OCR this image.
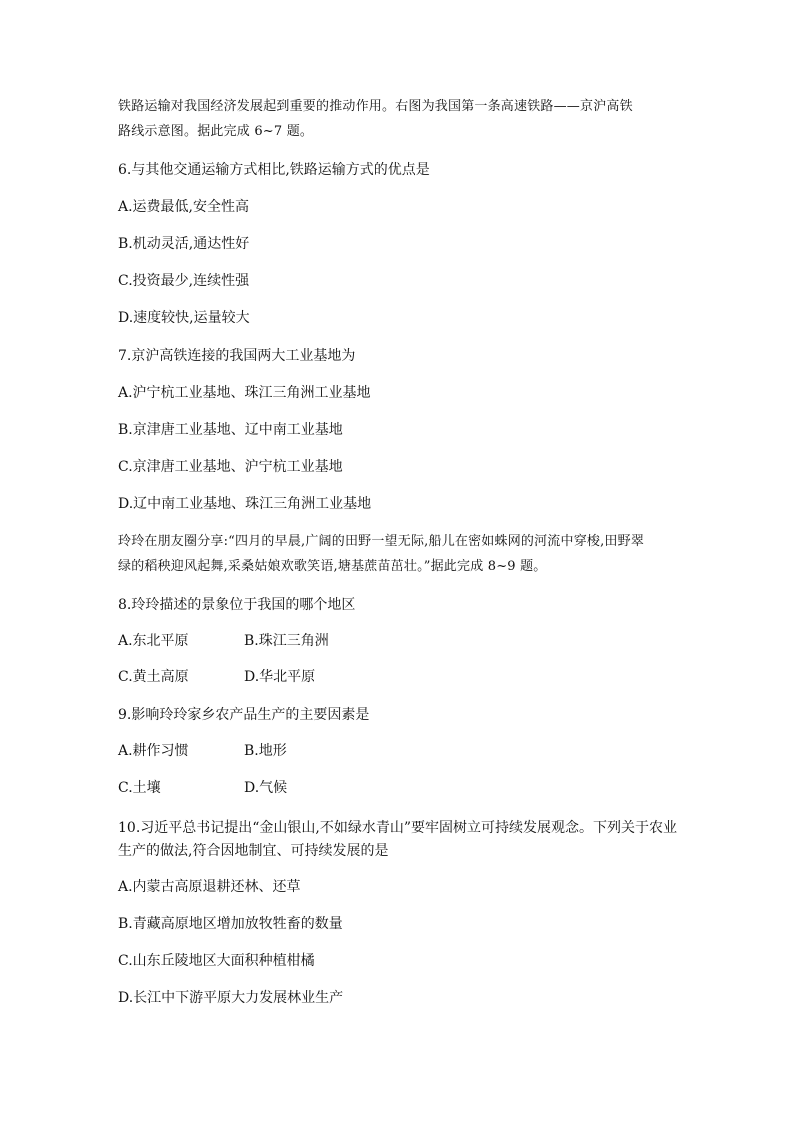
铁路运输对我国经济发展起到重要的推动作用。右图为我国第一条高速铁路——京沪高铁
路线示意图。据此完成 6~7 题。
6.与其他交通运输方式相比,铁路运输方式的优点是
A.运费最低,安全性高
B.机动灵活,通达性好
C.投资最少,连续性强
D.速度较快,运量较大
7.京沪高铁连接的我国两大工业基地为
A.沪宁杭工业基地、珠江三角洲工业基地
B.京津唐工业基地、辽中南工业基地
C.京津唐工业基地、沪宁杭工业基地
D.辽中南工业基地、珠江三角洲工业基地
玲玲在朋友圈分享:“四月的早晨,广阔的田野一望无际,船儿在密如蛛网的河流中穿梭,田野翠
绿的稻秧迎风起舞,采桑姑娘欢歌笑语,塘基蔗苗茁壮。”据此完成 8~9 题。
8.玲玲描述的景象位于我国的哪个地区
A.东北平原	B.珠江三角洲
C.黄土高原	D.华北平原
9.影响玲玲家乡农产品生产的主要因素是
A.耕作习惯	B.地形
C.土壤	D.气候
10.习近平总书记提出“金山银山,不如绿水青山”要牢固树立可持续发展观念。下列关于农业
生产的做法,符合因地制宜、可持续发展的是
A.内蒙古高原退耕还林、还草
B.青藏高原地区增加放牧牲畜的数量
C.山东丘陵地区大面积种植柑橘
D.长江中下游平原大力发展林业生产
